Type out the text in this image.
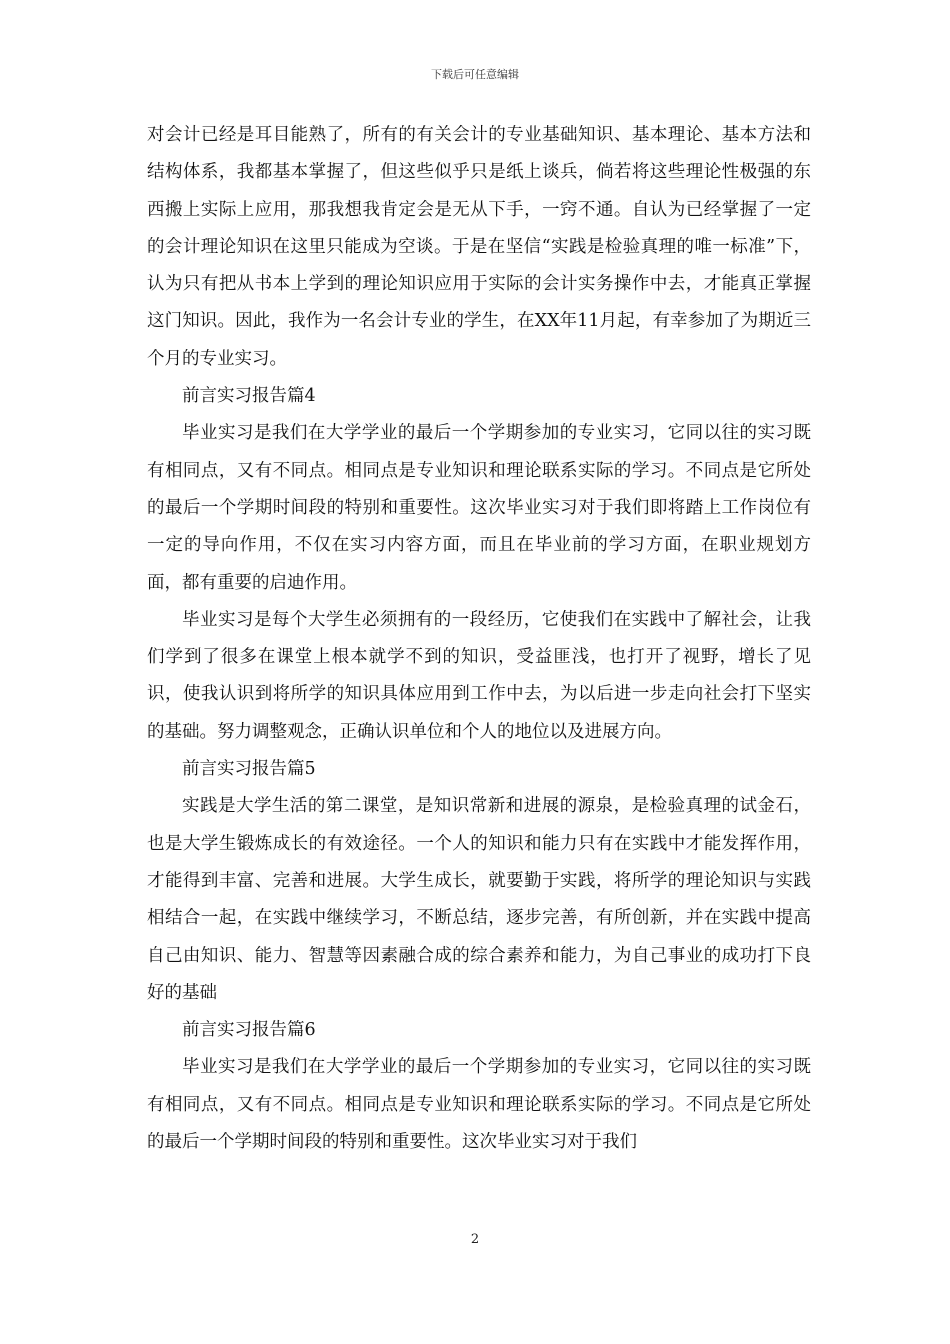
下载后可任意编辑

对会计已经是耳目能熟了，所有的有关会计的专业基础知识、基本理论、基本方法和结构体系，我都基本掌握了，但这些似乎只是纸上谈兵，倘若将这些理论性极强的东西搬上实际上应用，那我想我肯定会是无从下手，一窍不通。自认为已经掌握了一定的会计理论知识在这里只能成为空谈。于是在坚信“实践是检验真理的唯一标准”下，认为只有把从书本上学到的理论知识应用于实际的会计实务操作中去，才能真正掌握这门知识。因此，我作为一名会计专业的学生，在XX年11月起，有幸参加了为期近三个月的专业实习。

前言实习报告篇4

毕业实习是我们在大学学业的最后一个学期参加的专业实习，它同以往的实习既有相同点，又有不同点。相同点是专业知识和理论联系实际的学习。不同点是它所处的最后一个学期时间段的特别和重要性。这次毕业实习对于我们即将踏上工作岗位有一定的导向作用，不仅在实习内容方面，而且在毕业前的学习方面，在职业规划方面，都有重要的启迪作用。

毕业实习是每个大学生必须拥有的一段经历，它使我们在实践中了解社会，让我们学到了很多在课堂上根本就学不到的知识，受益匪浅，也打开了视野，增长了见识，使我认识到将所学的知识具体应用到工作中去，为以后进一步走向社会打下坚实的基础。努力调整观念，正确认识单位和个人的地位以及进展方向。

前言实习报告篇5

实践是大学生活的第二课堂，是知识常新和进展的源泉，是检验真理的试金石，也是大学生锻炼成长的有效途径。一个人的知识和能力只有在实践中才能发挥作用，才能得到丰富、完善和进展。大学生成长，就要勤于实践，将所学的理论知识与实践相结合一起，在实践中继续学习，不断总结，逐步完善，有所创新，并在实践中提高自己由知识、能力、智慧等因素融合成的综合素养和能力，为自己事业的成功打下良好的基础

前言实习报告篇6

毕业实习是我们在大学学业的最后一个学期参加的专业实习，它同以往的实习既有相同点，又有不同点。相同点是专业知识和理论联系实际的学习。不同点是它所处的最后一个学期时间段的特别和重要性。这次毕业实习对于我们

2
